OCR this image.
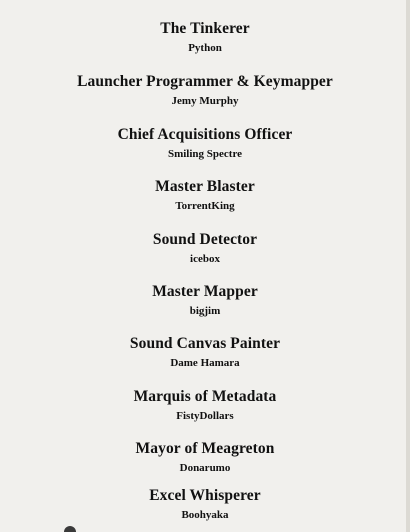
The Tinkerer
Python
Launcher Programmer & Keymapper
Jemy Murphy
Chief Acquisitions Officer
Smiling Spectre
Master Blaster
TorrentKing
Sound Detector
icebox
Master Mapper
bigjim
Sound Canvas Painter
Dame Hamara
Marquis of Metadata
FistyDollars
Mayor of Meagreton
Donarumo
Excel Whisperer
Boohyaka
